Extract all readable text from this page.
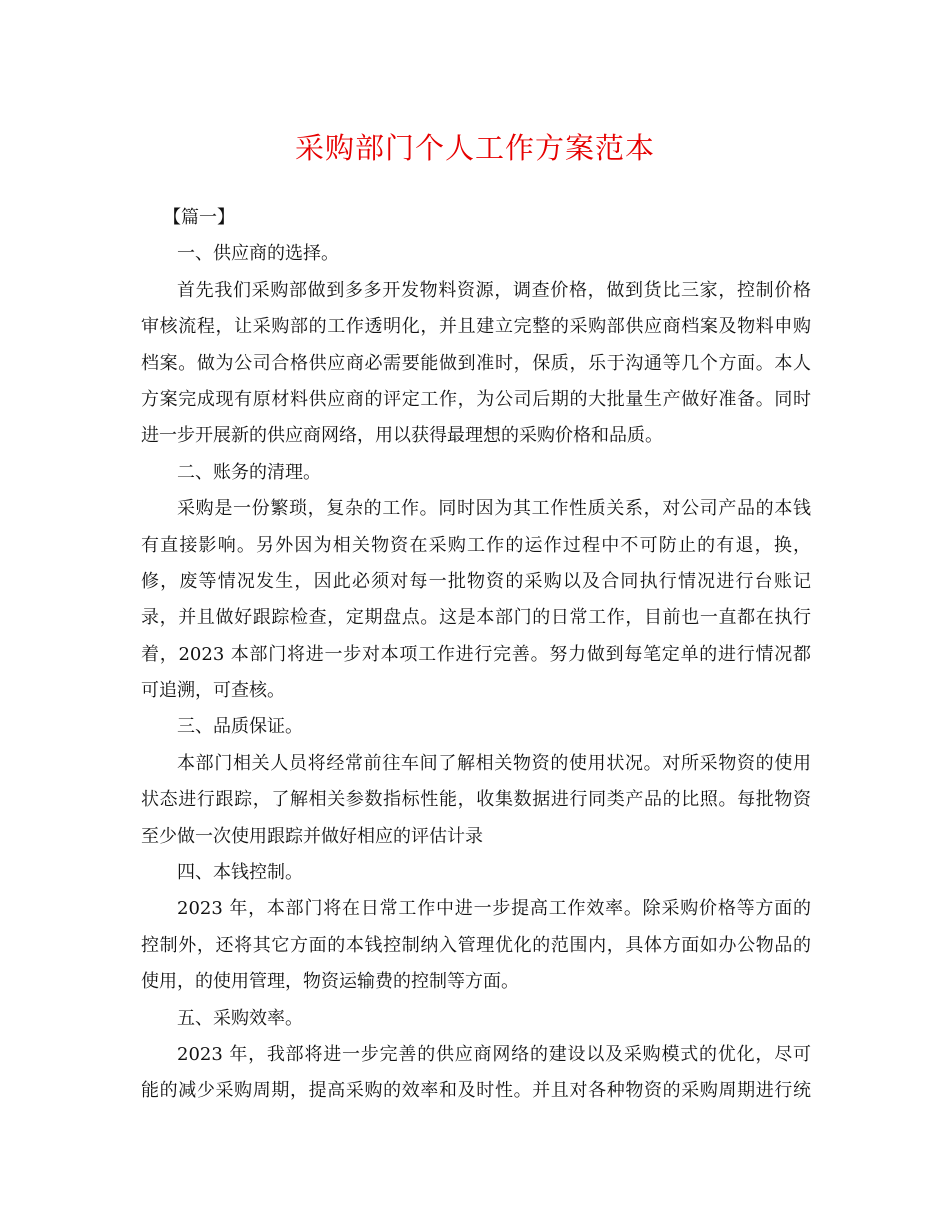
采购部门个人工作方案范本
【篇一】
一、供应商的选择。
首先我们采购部做到多多开发物料资源，调查价格，做到货比三家，控制价格
审核流程，让采购部的工作透明化，并且建立完整的采购部供应商档案及物料申购
档案。做为公司合格供应商必需要能做到准时，保质，乐于沟通等几个方面。本人
方案完成现有原材料供应商的评定工作，为公司后期的大批量生产做好准备。同时
进一步开展新的供应商网络，用以获得最理想的采购价格和品质。
二、账务的清理。
采购是一份繁琐，复杂的工作。同时因为其工作性质关系，对公司产品的本钱
有直接影响。另外因为相关物资在采购工作的运作过程中不可防止的有退，换，
修，废等情况发生，因此必须对每一批物资的采购以及合同执行情况进行台账记
录，并且做好跟踪检查，定期盘点。这是本部门的日常工作，目前也一直都在执行
着，2023 本部门将进一步对本项工作进行完善。努力做到每笔定单的进行情况都
可追溯，可查核。
三、品质保证。
本部门相关人员将经常前往车间了解相关物资的使用状况。对所采物资的使用
状态进行跟踪，了解相关参数指标性能，收集数据进行同类产品的比照。每批物资
至少做一次使用跟踪并做好相应的评估计录
四、本钱控制。
2023 年，本部门将在日常工作中进一步提高工作效率。除采购价格等方面的
控制外，还将其它方面的本钱控制纳入管理优化的范围内，具体方面如办公物品的
使用，的使用管理，物资运输费的控制等方面。
五、采购效率。
2023 年，我部将进一步完善的供应商网络的建设以及采购模式的优化，尽可
能的减少采购周期，提高采购的效率和及时性。并且对各种物资的采购周期进行统
